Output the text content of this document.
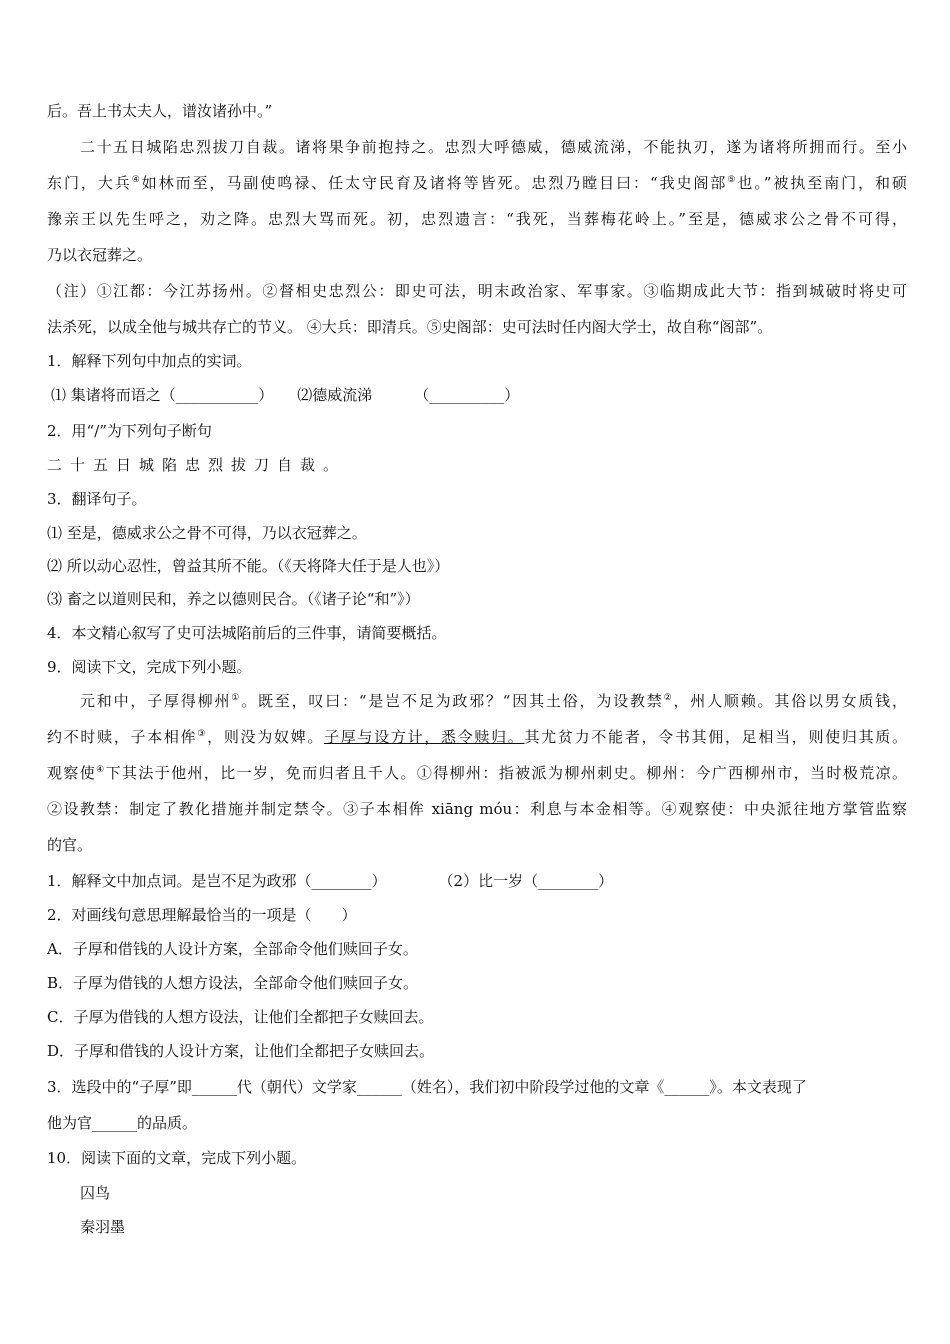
后。吾上书太夫人，谱汝诸孙中。”

二十五日城陷忠烈拔刀自裁。诸将果争前抱持之。忠烈大呼德威，德威流涕，不能执刃，遂为诸将所拥而行。至小

东门，大兵④如林而至，马副使鸣禄、任太守民育及诸将等皆死。忠烈乃瞠目曰：“我史阁部⑤也。”被执至南门，和硕

豫亲王以先生呼之，劝之降。忠烈大骂而死。初，忠烈遗言：“我死，当葬梅花岭上。”至是，德威求公之骨不可得，

乃以衣冠葬之。

（注）①江都：今江苏扬州。②督相史忠烈公：即史可法，明末政治家、军事家。③临期成此大节：指到城破时将史可

法杀死，以成全他与城共存亡的节义。 ④大兵：即清兵。⑤史阁部：史可法时任内阁大学士，故自称“阁部”。

1．解释下列句中加点的实词。

⑴ 集诸将而语之（___________） ⑵德威流涕	（__________）

2．用“/”为下列句子断句

二十五日城陷忠烈拔刀自裁。

3．翻译句子。

⑴ 至是，德威求公之骨不可得，乃以衣冠葬之。

⑵ 所以动心忍性，曾益其所不能。（《天将降大任于是人也》）

⑶ 畜之以道则民和，养之以德则民合。（《诸子论“和”》）

4．本文精心叙写了史可法城陷前后的三件事，请简要概括。

9．阅读下文，完成下列小题。

元和中，子厚得柳州①。既至，叹曰：“是岂不足为政邪？“因其土俗，为设教禁②，州人顺赖。其俗以男女质钱，

约不时赎，子本相侔③，则没为奴婢。子厚与设方计，悉令赎归。其尤贫力不能者，令书其佣，足相当，则使归其质。

观察使④下其法于他州，比一岁，免而归者且千人。①得柳州：指被派为柳州刺史。柳州：今广西柳州市，当时极荒凉。

②设教禁：制定了教化措施并制定禁令。③子本相侔 xiāng móu：利息与本金相等。④观察使：中央派往地方掌管监察

的官。

1．解释文中加点词。是岂不足为政邪（________）	（2）比一岁（________）

2．对画线句意思理解最恰当的一项是（　　）

A．子厚和借钱的人设计方案，全部命令他们赎回子女。

B．子厚为借钱的人想方设法，全部命令他们赎回子女。

C．子厚为借钱的人想方设法，让他们全都把子女赎回去。

D．子厚和借钱的人设计方案，让他们全都把子女赎回去。

3．选段中的“子厚”即______代（朝代）文学家______（姓名），我们初中阶段学过他的文章《______》。本文表现了

他为官______的品质。

10．阅读下面的文章，完成下列小题。

囚鸟

秦羽墨
